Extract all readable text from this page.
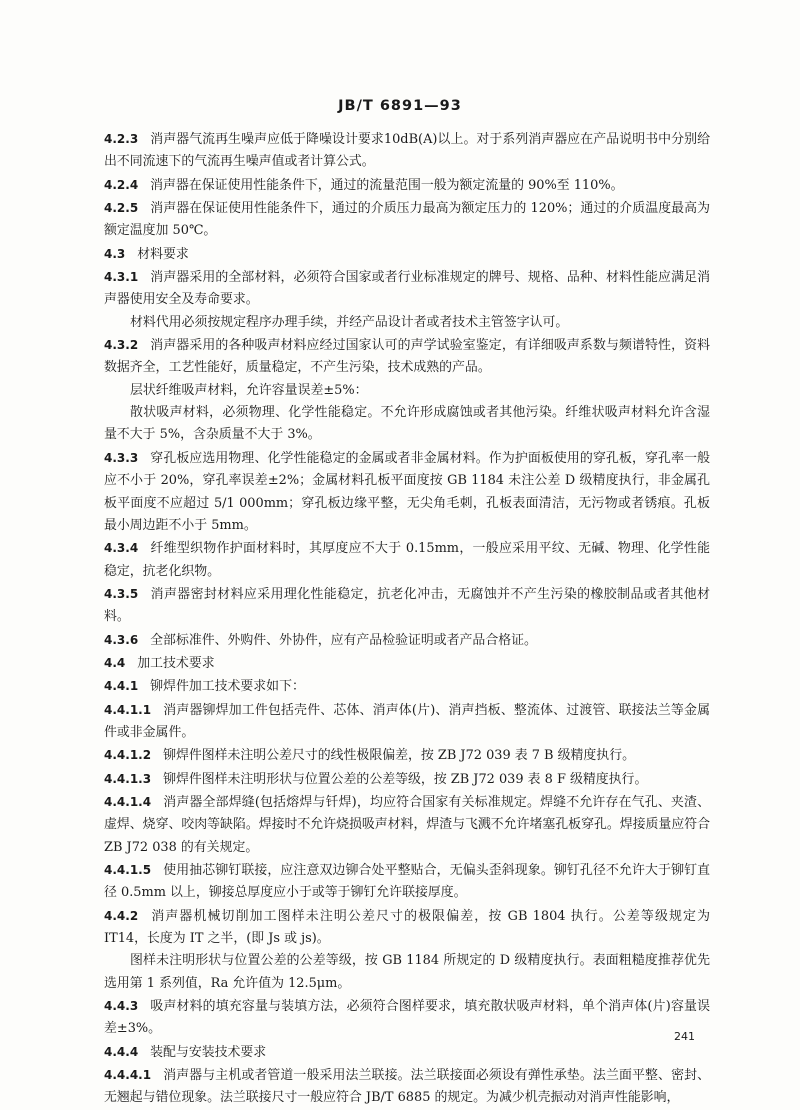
JB/T 6891—93

4.2.3 消声器气流再生噪声应低于降噪设计要求10dB(A)以上。对于系列消声器应在产品说明书中分别给出不同流速下的气流再生噪声值或者计算公式。

4.2.4 消声器在保证使用性能条件下，通过的流量范围一般为额定流量的 90%至 110%。

4.2.5 消声器在保证使用性能条件下，通过的介质压力最高为额定压力的 120%；通过的介质温度最高为额定温度加 50℃。

4.3 材料要求

4.3.1 消声器采用的全部材料，必须符合国家或者行业标准规定的牌号、规格、品种、材料性能应满足消声器使用安全及寿命要求。

材料代用必须按规定程序办理手续，并经产品设计者或者技术主管签字认可。

4.3.2 消声器采用的各种吸声材料应经过国家认可的声学试验室鉴定，有详细吸声系数与频谱特性，资料数据齐全，工艺性能好，质量稳定，不产生污染，技术成熟的产品。

层状纤维吸声材料，允许容量误差±5%：

散状吸声材料，必须物理、化学性能稳定。不允许形成腐蚀或者其他污染。纤维状吸声材料允许含湿量不大于 5%，含杂质量不大于 3%。

4.3.3 穿孔板应选用物理、化学性能稳定的金属或者非金属材料。作为护面板使用的穿孔板，穿孔率一般应不小于 20%，穿孔率误差±2%；金属材料孔板平面度按 GB 1184 未注公差 D 级精度执行，非金属孔板平面度不应超过 5/1 000mm；穿孔板边缘平整，无尖角毛刺，孔板表面清洁，无污物或者锈痕。孔板最小周边距不小于 5mm。

4.3.4 纤维型织物作护面材料时，其厚度应不大于 0.15mm，一般应采用平纹、无碱、物理、化学性能稳定，抗老化织物。

4.3.5 消声器密封材料应采用理化性能稳定，抗老化冲击，无腐蚀并不产生污染的橡胶制品或者其他材料。

4.3.6 全部标准件、外购件、外协件，应有产品检验证明或者产品合格证。

4.4 加工技术要求

4.4.1 铆焊件加工技术要求如下：

4.4.1.1 消声器铆焊加工件包括壳件、芯体、消声体(片)、消声挡板、整流体、过渡管、联接法兰等金属件或非金属件。

4.4.1.2 铆焊件图样未注明公差尺寸的线性极限偏差，按 ZB J72 039 表 7 B 级精度执行。

4.4.1.3 铆焊件图样未注明形状与位置公差的公差等级，按 ZB J72 039 表 8 F 级精度执行。

4.4.1.4 消声器全部焊缝(包括熔焊与钎焊)，均应符合国家有关标准规定。焊缝不允许存在气孔、夹渣、虚焊、烧穿、咬肉等缺陷。焊接时不允许烧损吸声材料，焊渣与飞溅不允许堵塞孔板穿孔。焊接质量应符合 ZB J72 038 的有关规定。

4.4.1.5 使用抽芯铆钉联接，应注意双边铆合处平整贴合，无偏头歪斜现象。铆钉孔径不允许大于铆钉直径 0.5mm 以上，铆接总厚度应小于或等于铆钉允许联接厚度。

4.4.2 消声器机械切削加工图样未注明公差尺寸的极限偏差，按 GB 1804 执行。公差等级规定为 IT14，长度为 IT 之半，(即 Js 或 js)。

图样未注明形状与位置公差的公差等级，按 GB 1184 所规定的 D 级精度执行。表面粗糙度推荐优先选用第 1 系列值，Ra 允许值为 12.5μm。

4.4.3 吸声材料的填充容量与装填方法，必须符合图样要求，填充散状吸声材料，单个消声体(片)容量误差±3%。

4.4.4 装配与安装技术要求

4.4.4.1 消声器与主机或者管道一般采用法兰联接。法兰联接面必须设有弹性承垫。法兰面平整、密封、无翘起与错位现象。法兰联接尺寸一般应符合 JB/T 6885 的规定。为减少机壳振动对消声性能影响，

241
